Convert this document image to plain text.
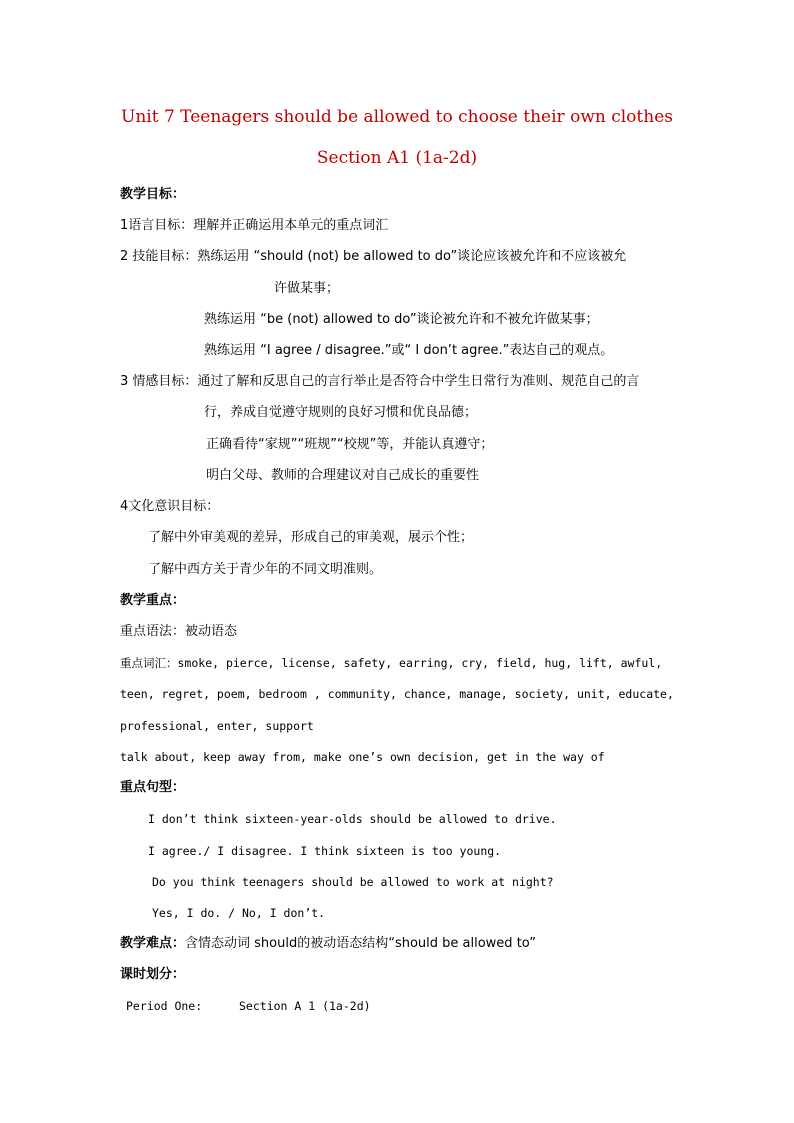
Unit 7 Teenagers should be allowed to choose their own clothes
Section A1 (1a-2d)
教学目标：
1语言目标：理解并正确运用本单元的重点词汇
2 技能目标：熟练运用 “should (not) be allowed to do”谈论应该被允许和不应该被允
许做某事；
熟练运用 “be (not) allowed to do”谈论被允许和不被允许做某事；
熟练运用 “I agree / disagree.”或“ I don’t agree.”表达自己的观点。
3 情感目标：通过了解和反思自己的言行举止是否符合中学生日常行为准则、规范自己的言
行，养成自觉遵守规则的良好习惯和优良品德；
正确看待“家规”“班规”“校规”等，并能认真遵守；
明白父母、教师的合理建议对自己成长的重要性
4文化意识目标：
了解中外审美观的差异，形成自己的审美观，展示个性；
了解中西方关于青少年的不同文明准则。
教学重点：
重点语法：被动语态
重点词汇：smoke, pierce, license, safety, earring, cry, field, hug, lift, awful,
teen, regret, poem, bedroom , community, chance, manage, society, unit, educate,
professional, enter, support
talk about, keep away from, make one’s own decision, get in the way of
重点句型：
I don’t think sixteen-year-olds should be allowed to drive.
I agree./ I disagree. I think sixteen is too young.
Do you think teenagers should be allowed to work at night?
Yes, I do. / No, I don’t.
教学难点：含情态动词 should的被动语态结构“should be allowed to”
课时划分：
Period One:	Section A 1 (1a-2d)
